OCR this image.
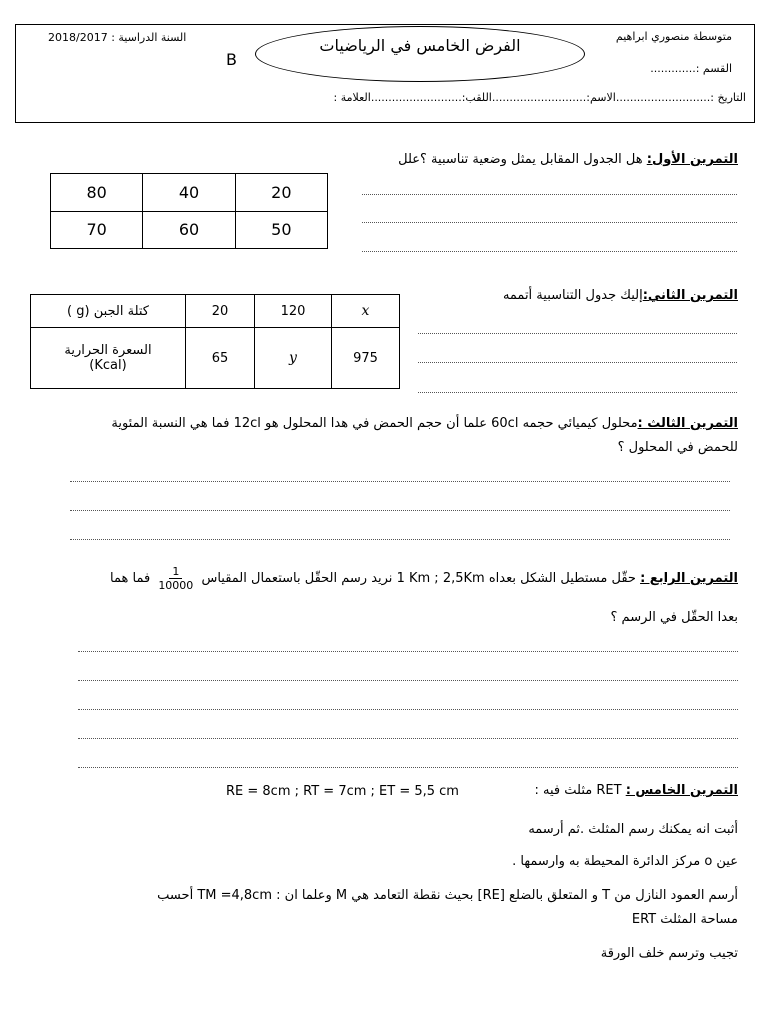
متوسطة منصوري ابراهيم
2018/2017 السنة الدراسية :	الفرض الخامس في الرياضيات
B	القسم :.............
التاريخ :...........................الاسم:...........................اللقب:..........................العلامة :
التمرين الأول: هل الجدول المقابل يمثل وضعية تناسبية ؟علل
80	40	20
70	60	50
التمرين الثاني:إليك جدول التناسبية أتممه
كتلة الجبن (g )	20	120	x

السعرة الحرارية
(Kcal)	65	y	975
التمرين الثالث :محلول كيميائي حجمه 60cl علما أن حجم الحمض في هدا المحلول هو 12cl فما هي النسبة المئوية
للحمض في المحلول ؟
التمرين الرابع : حقّل مستطيل الشكل بعداه 1 Km ; 2,5Km نريد رسم الحقّل باستعمال المقياس
$\frac{1}{10000}$
فما هما
بعدا الحقّل في الرسم ؟
التمرين الخامس : RET مثلث فيه :
RE = 8cm ; RT = 7cm ; ET = 5,5 cm
أثبت انه يمكنك رسم المثلث .ثم أرسمه
عين o مركز الدائرة المحيطة به وارسمها .
أرسم العمود النازل من T و المتعلق بالضلع [RE] بحيث نقطة التعامد هي M وعلما ان : TM =4,8cm أحسب
مساحة المثلث ERT
تجيب وترسم خلف الورقة
